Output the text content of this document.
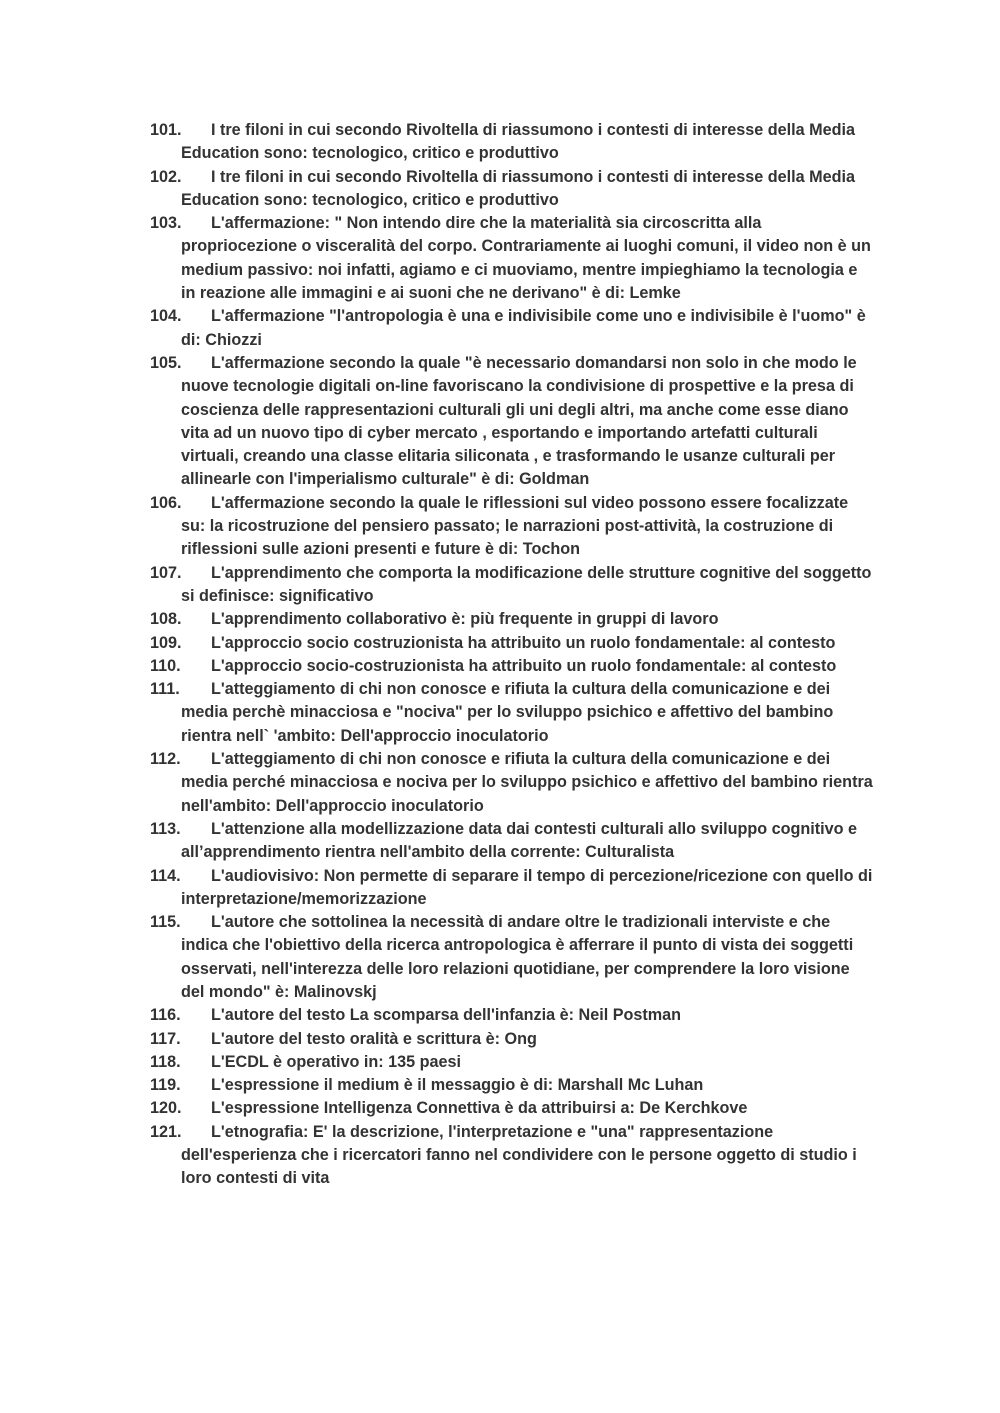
101.	I tre filoni in cui secondo Rivoltella di riassumono i contesti di interesse della Media Education sono: tecnologico, critico e produttivo
102.	I tre filoni in cui secondo Rivoltella di riassumono i contesti di interesse della Media Education sono: tecnologico, critico e produttivo
103.	L'affermazione: " Non intendo dire che la materialità sia circoscritta alla propriocezione o visceralità del corpo. Contrariamente ai luoghi comuni, il video non è un medium passivo: noi infatti, agiamo e ci muoviamo, mentre impieghiamo la tecnologia e in reazione alle immagini e ai suoni che ne derivano" è di: Lemke
104.	L'affermazione "l'antropologia è una e indivisibile come uno e indivisibile è l'uomo" è di: Chiozzi
105.	L'affermazione secondo la quale "è necessario domandarsi non solo in che modo le nuove tecnologie digitali on-line favoriscano la condivisione di prospettive e la presa di coscienza delle rappresentazioni culturali gli uni degli altri, ma anche come esse diano vita ad un nuovo tipo di cyber mercato , esportando e importando artefatti culturali virtuali, creando una classe elitaria siliconata , e trasformando le usanze culturali per allinearle con l'imperialismo culturale" è di: Goldman
106.	L'affermazione secondo la quale le riflessioni sul video possono essere focalizzate su: la ricostruzione del pensiero passato; le narrazioni post-attività, la costruzione di riflessioni sulle azioni presenti e future è di: Tochon
107.	L'apprendimento che comporta la modificazione delle strutture cognitive del soggetto si definisce: significativo
108.	L'apprendimento collaborativo è: più frequente in gruppi di lavoro
109.	L'approccio socio costruzionista ha attribuito un ruolo fondamentale: al contesto
110.	L'approccio socio-costruzionista ha attribuito un ruolo fondamentale: al contesto
111.	L'atteggiamento di chi non conosce e rifiuta la cultura della comunicazione e dei media perchè minacciosa e "nociva" per lo sviluppo psichico e affettivo del bambino rientra nell` 'ambito: Dell'approccio inoculatorio
112.	L'atteggiamento di chi non conosce e rifiuta la cultura della comunicazione e dei media perché minacciosa e nociva per lo sviluppo psichico e affettivo del bambino rientra nell'ambito: Dell'approccio inoculatorio
113.	L'attenzione alla modellizzazione data dai contesti culturali allo sviluppo cognitivo e all’apprendimento rientra nell'ambito della corrente: Culturalista
114.	L'audiovisivo: Non permette di separare il tempo di percezione/ricezione con quello di interpretazione/memorizzazione
115.	L'autore che sottolinea la necessità di andare oltre le tradizionali interviste e che indica che l'obiettivo della ricerca antropologica è afferrare il punto di vista dei soggetti osservati, nell'interezza delle loro relazioni quotidiane, per comprendere la loro visione del mondo" è: Malinovskj
116.	L'autore del testo La scomparsa dell'infanzia è: Neil Postman
117.	L'autore del testo oralità e scrittura è: Ong
118.	L'ECDL è operativo in: 135 paesi
119.	L'espressione il medium è il messaggio è di: Marshall Mc Luhan
120.	L'espressione Intelligenza Connettiva è da attribuirsi a: De Kerchkove
121.	L'etnografia: E' la descrizione, l'interpretazione e "una" rappresentazione dell'esperienza che i ricercatori fanno nel condividere con le persone oggetto di studio i loro contesti di vita
